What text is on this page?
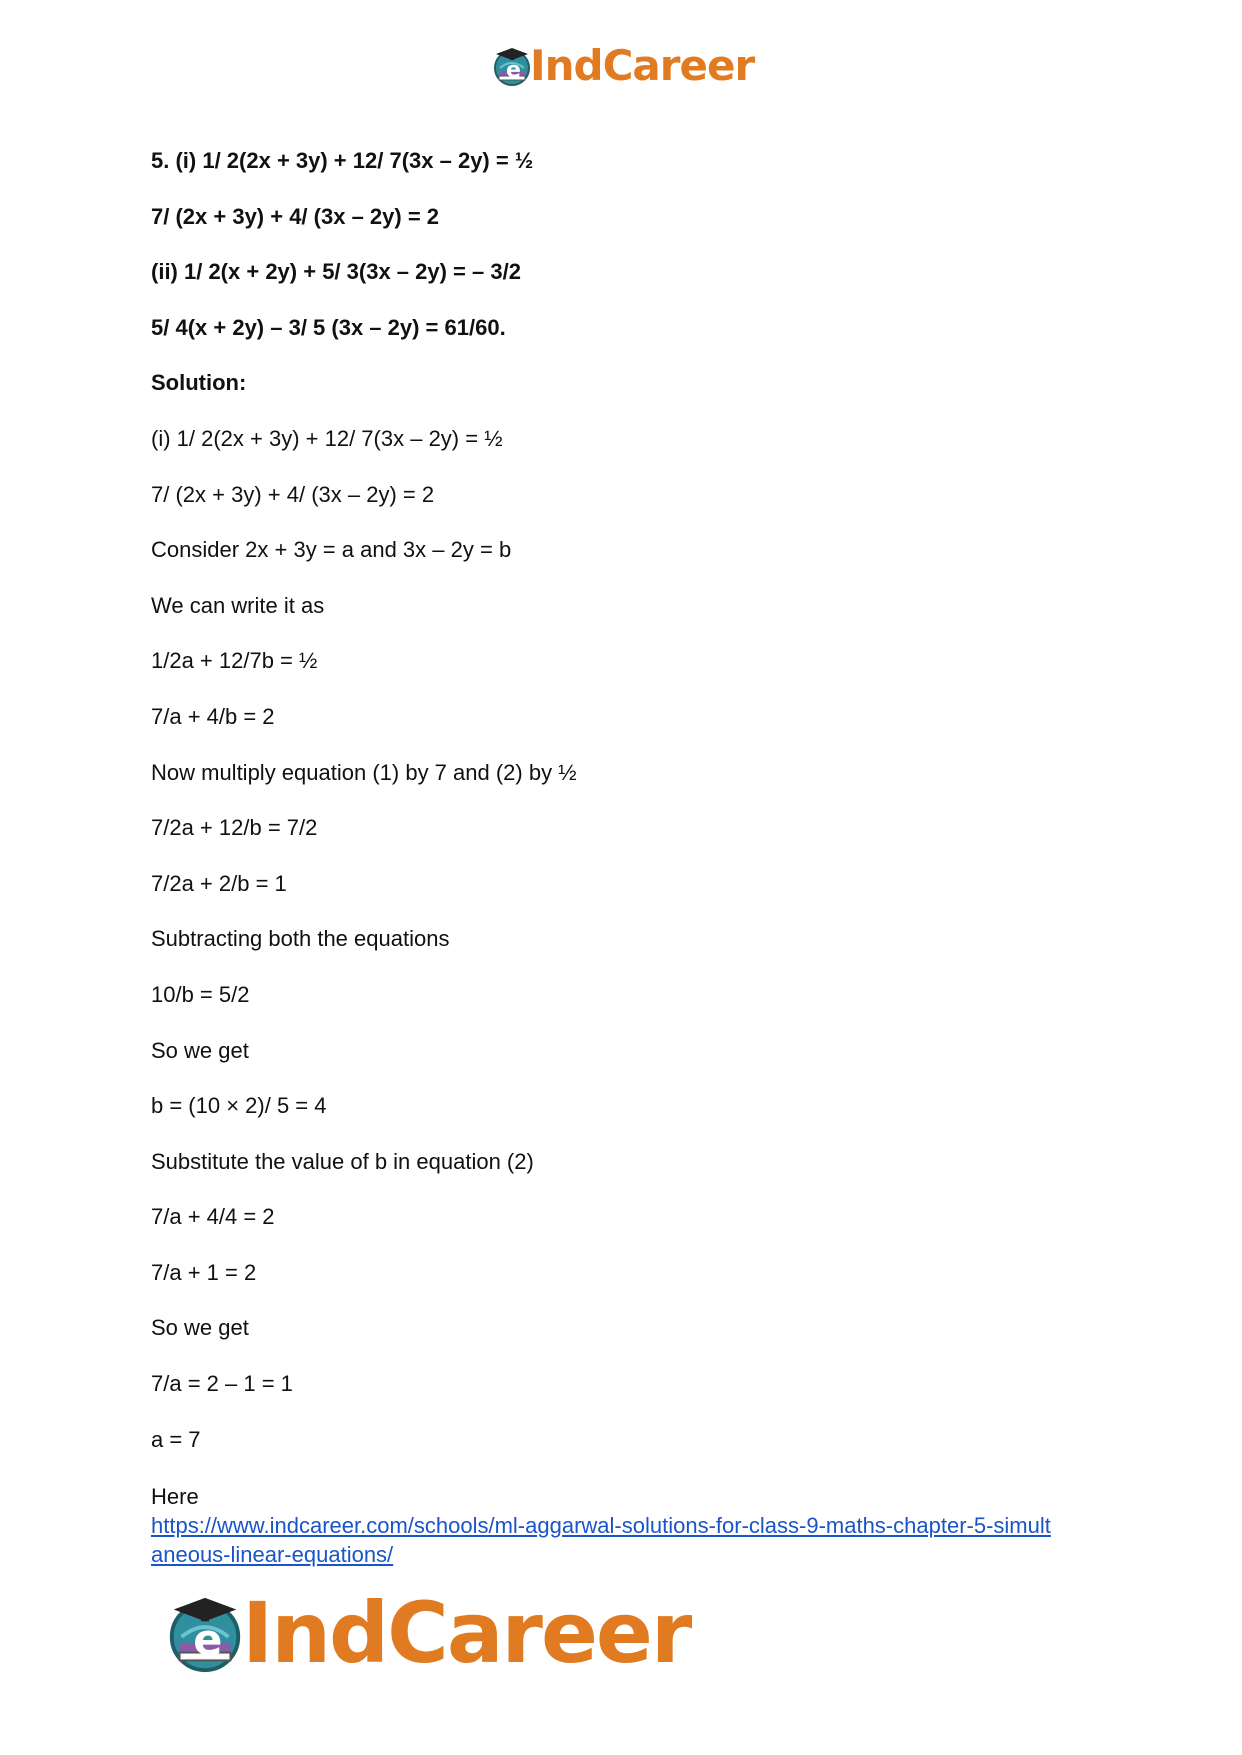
e IndCareer
5. (i) 1/ 2(2x + 3y) + 12/ 7(3x – 2y) = ½
7/ (2x + 3y) + 4/ (3x – 2y) = 2
(ii) 1/ 2(x + 2y) + 5/ 3(3x – 2y) = – 3/2
5/ 4(x + 2y) – 3/ 5 (3x – 2y) = 61/60.
Solution:
(i) 1/ 2(2x + 3y) + 12/ 7(3x – 2y) = ½
7/ (2x + 3y) + 4/ (3x – 2y) = 2
Consider 2x + 3y = a and 3x – 2y = b
We can write it as
1/2a + 12/7b = ½
7/a + 4/b = 2
Now multiply equation (1) by 7 and (2) by ½
7/2a + 12/b = 7/2
7/2a + 2/b = 1
Subtracting both the equations
10/b = 5/2
So we get
b = (10 × 2)/ 5 = 4
Substitute the value of b in equation (2)
7/a + 4/4 = 2
7/a + 1 = 2
So we get
7/a = 2 – 1 = 1
a = 7
Here
https://www.indcareer.com/schools/ml-aggarwal-solutions-for-class-9-maths-chapter-5-simult
aneous-linear-equations/
e IndCareer
